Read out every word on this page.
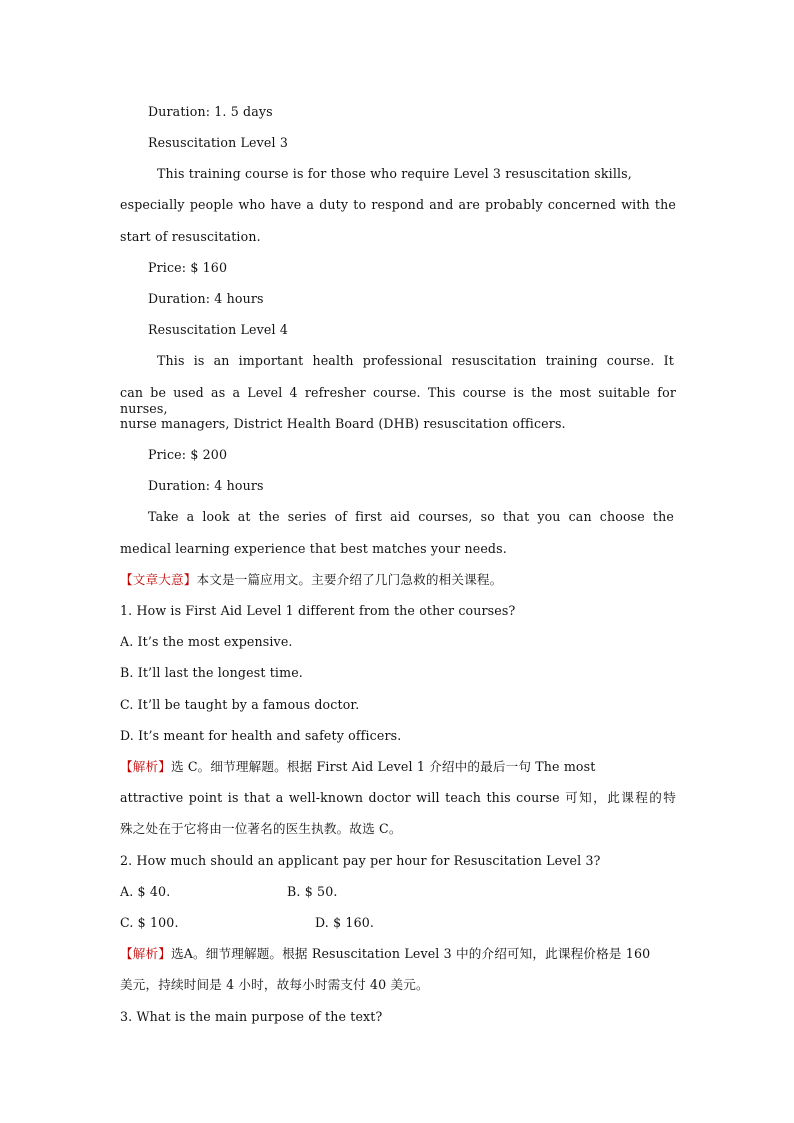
Duration: 1. 5 days
Resuscitation Level 3
This training course is for those who require Level 3 resuscitation skills,
especially people who have a duty to respond and are probably concerned with the
start of resuscitation.
Price: $ 160
Duration: 4 hours
Resuscitation Level 4
This is an important health professional resuscitation training course. It
can be used as a Level 4 refresher course. This course is the most suitable for nurses,
nurse managers, District Health Board (DHB) resuscitation officers.
Price: $ 200
Duration: 4 hours
Take a look at the series of first aid courses, so that you can choose the
medical learning experience that best matches your needs.
【文章大意】本文是一篇应用文。主要介绍了几门急救的相关课程。
1. How is First Aid Level 1 different from the other courses?
A. It’s the most expensive.
B. It’ll last the longest time.
C. It’ll be taught by a famous doctor.
D. It’s meant for health and safety officers.
【解析】选 C。细节理解题。根据 First Aid Level 1 介绍中的最后一句 The most
attractive point is that a well-known doctor will teach this course 可知，此课程的特
殊之处在于它将由一位著名的医生执教。故选 C。
2. How much should an applicant pay per hour for Resuscitation Level 3?
A. $ 40.	B. $ 50.
C. $ 100.	D. $ 160.
【解析】选A。细节理解题。根据 Resuscitation Level 3 中的介绍可知，此课程价格是 160
美元，持续时间是 4 小时，故每小时需支付 40 美元。
3. What is the main purpose of the text?
